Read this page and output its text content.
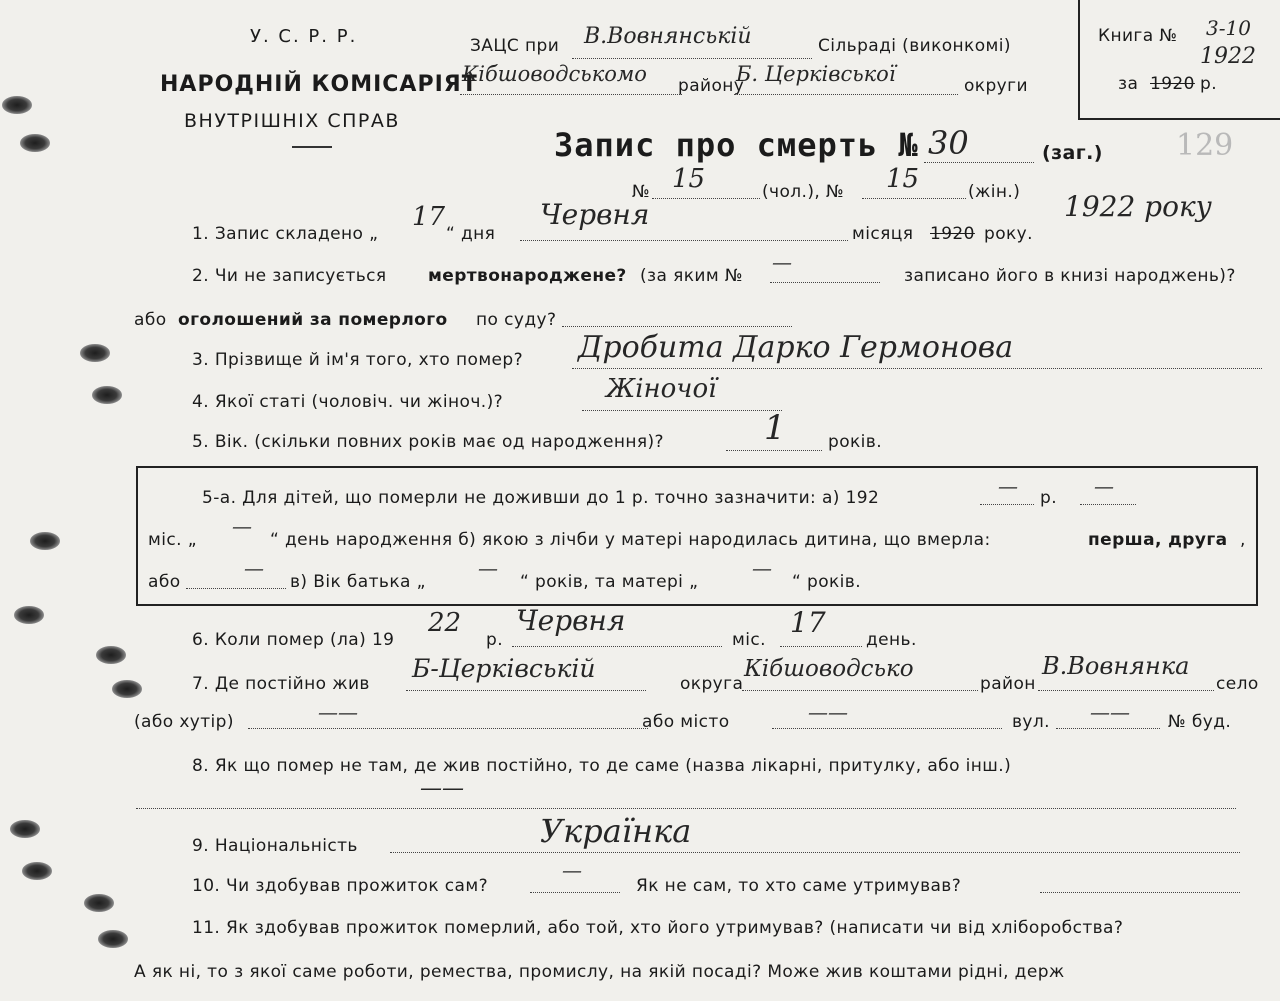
У. С. Р. Р.
НАРОДНІЙ КОМІСАРІЯТ
ВНУТРІШНІХ СПРАВ
ЗАЦС при В.Вовнянській	Сільраді (виконкомі)
Кібшоводськомо району
Б. Церківської	округи
Книга № 3-10
за 1920 р.
1922
129
Запис про смерть № 30	(заг.)
№ 15	(чол.), № 15	(жін.)
1. Запис складено „
17
“ дня
Червня
місяця 1920 року.
1922 року
2. Чи не записується мертвонароджене? (за яким №
—
записано його в книзі народжень)?
або оголошений за померлого по суду?
3. Прізвище й ім'я того, хто помер? Дробита Дарко Гермонова
4. Якої статі (чоловіч. чи жіноч.)?	Жіночої
5. Вік. (скільки повних років має од народження)?	1 років.
5-а. Для дітей, що померли не доживши до 1 р. точно зазначити: а) 192	— р. —
міс. „
—
“ день народження б) якою з лічби у матері народилась дитина, що вмерла:	перша, друга ,
або
—
в) Вік батька „
—
“ років, та матері „
—
“ років.
6. Коли помер (ла) 19
22
р.
Червня
міс.
17
день.
7. Де постійно жив
Б-Церківській
округа
Кібшоводсько
район
В.Вовнянка
село
(або хутір)	——	або місто	——	вул. —— № буд.
8. Як що помер не там, де жив постійно, то де саме (назва лікарні, притулку, або інш.)
——
9. Національність	Українка
10. Чи здобував прожиток сам?
—
Як не сам, то хто саме утримував?
11. Як здобував прожиток померлий, або той, хто його утримував? (написати чи від хліборобства?
А як ні, то з якої саме роботи, ремества, промислу, на якій посаді? Може жив коштами рідні, держ
